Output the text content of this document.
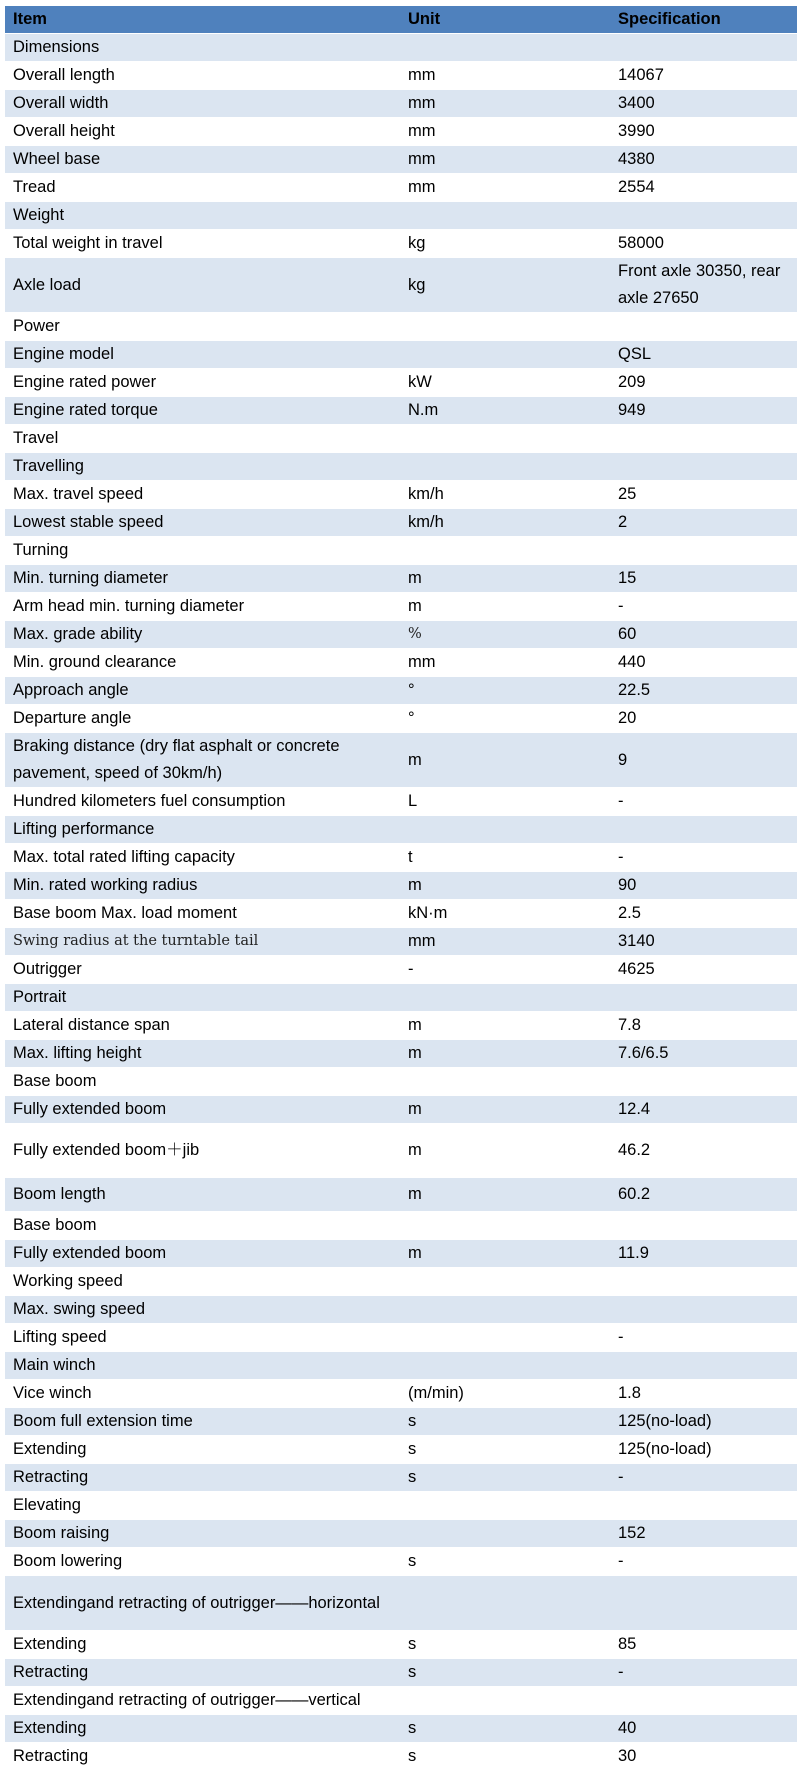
Item	Unit	Specification
Dimensions		
Overall length	mm	14067
Overall width	mm	3400
Overall height	mm	3990
Wheel base	mm	4380
Tread	mm	2554
Weight		
Total weight in travel	kg	58000
Axle load	kg	Front axle 30350, rear axle 27650
Power		
Engine model		QSL
Engine rated power	kW	209
Engine rated torque	N.m	949
Travel		
Travelling		
Max. travel speed	km/h	25
Lowest stable speed	km/h	2
Turning		
Min. turning diameter	m	15
Arm head min. turning diameter	m	-
Max. grade ability	%	60
Min. ground clearance	mm	440
Approach angle	°	22.5
Departure angle	°	20
Braking distance (dry flat asphalt or concrete pavement, speed of 30km/h)	m	9
Hundred kilometers fuel consumption	L	-
Lifting performance		
Max. total rated lifting capacity	t	-
Min. rated working radius	m	90
Base boom Max. load moment	kN·m	2.5
Swing radius at the turntable tail	mm	3140
Outrigger	-	4625
Portrait		
Lateral distance span	m	7.8
Max. lifting height	m	7.6/6.5
Base boom		
Fully extended boom	m	12.4
Fully extended boom＋jib	m	46.2
Boom length	m	60.2
Base boom		
Fully extended boom	m	11.9
Working speed		
Max. swing speed		
Lifting speed		-
Main winch		
Vice winch	(m/min)	1.8
Boom full extension time	s	125(no-load)
Extending	s	125(no-load)
Retracting	s	-
Elevating		
Boom raising		152
Boom lowering	s	-
Extendingand retracting of outrigger——horizontal		
Extending	s	85
Retracting	s	-
Extendingand retracting of outrigger——vertical		
Extending	s	40
Retracting	s	30
